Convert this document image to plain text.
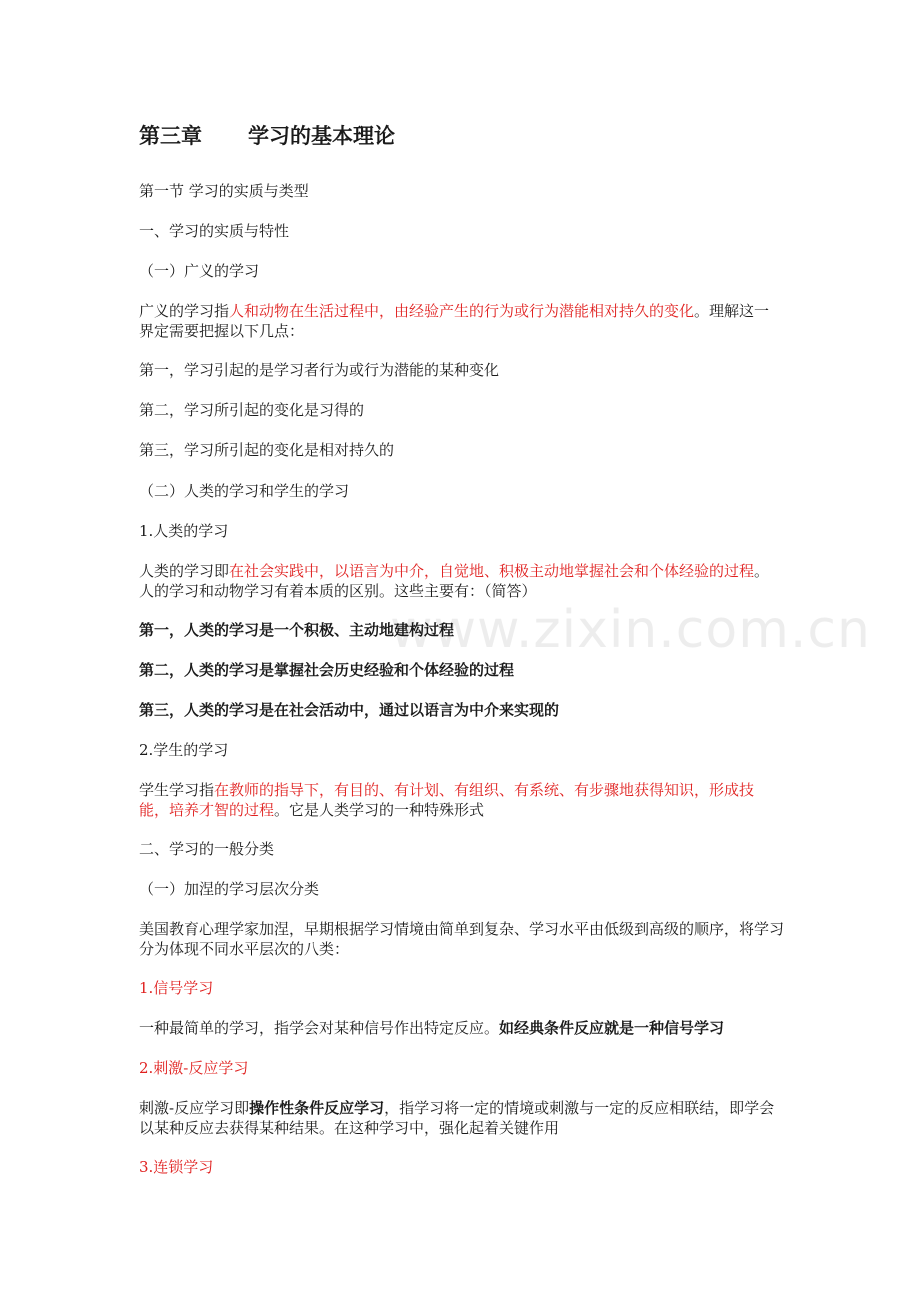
www.zixin.com.cn
第三章 学习的基本理论
第一节 学习的实质与类型
一、学习的实质与特性
（一）广义的学习
广义的学习指人和动物在生活过程中，由经验产生的行为或行为潜能相对持久的变化。理解这一界定需要把握以下几点：
第一，学习引起的是学习者行为或行为潜能的某种变化
第二，学习所引起的变化是习得的
第三，学习所引起的变化是相对持久的
（二）人类的学习和学生的学习
1.人类的学习
人类的学习即在社会实践中，以语言为中介，自觉地、积极主动地掌握社会和个体经验的过程。 人的学习和动物学习有着本质的区别。这些主要有：（简答）
第一，人类的学习是一个积极、主动地建构过程
第二，人类的学习是掌握社会历史经验和个体经验的过程
第三，人类的学习是在社会活动中，通过以语言为中介来实现的
2.学生的学习
学生学习指在教师的指导下，有目的、有计划、有组织、有系统、有步骤地获得知识，形成技能，培养才智的过程。它是人类学习的一种特殊形式
二、学习的一般分类
（一）加涅的学习层次分类
美国教育心理学家加涅，早期根据学习情境由简单到复杂、学习水平由低级到高级的顺序，将学习分为体现不同水平层次的八类：
1.信号学习
一种最简单的学习，指学会对某种信号作出特定反应。如经典条件反应就是一种信号学习
2.刺激-反应学习
刺激-反应学习即操作性条件反应学习，指学习将一定的情境或刺激与一定的反应相联结，即学会以某种反应去获得某种结果。在这种学习中，强化起着关键作用
3.连锁学习
